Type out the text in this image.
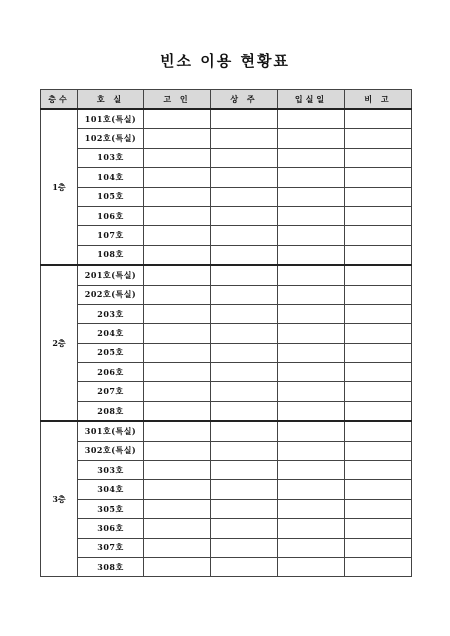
빈소 이용 현황표
층수	호 실	고 인	상 주	입실일	비 고
1층	101호(특실)				
	102호(특실)				
	103호				
	104호				
	105호				
	106호				
	107호				
	108호				
2층	201호(특실)				
	202호(특실)				
	203호				
	204호				
	205호				
	206호				
	207호				
	208호				
3층	301호(특실)				
	302호(특실)				
	303호				
	304호				
	305호				
	306호				
	307호				
	308호				
